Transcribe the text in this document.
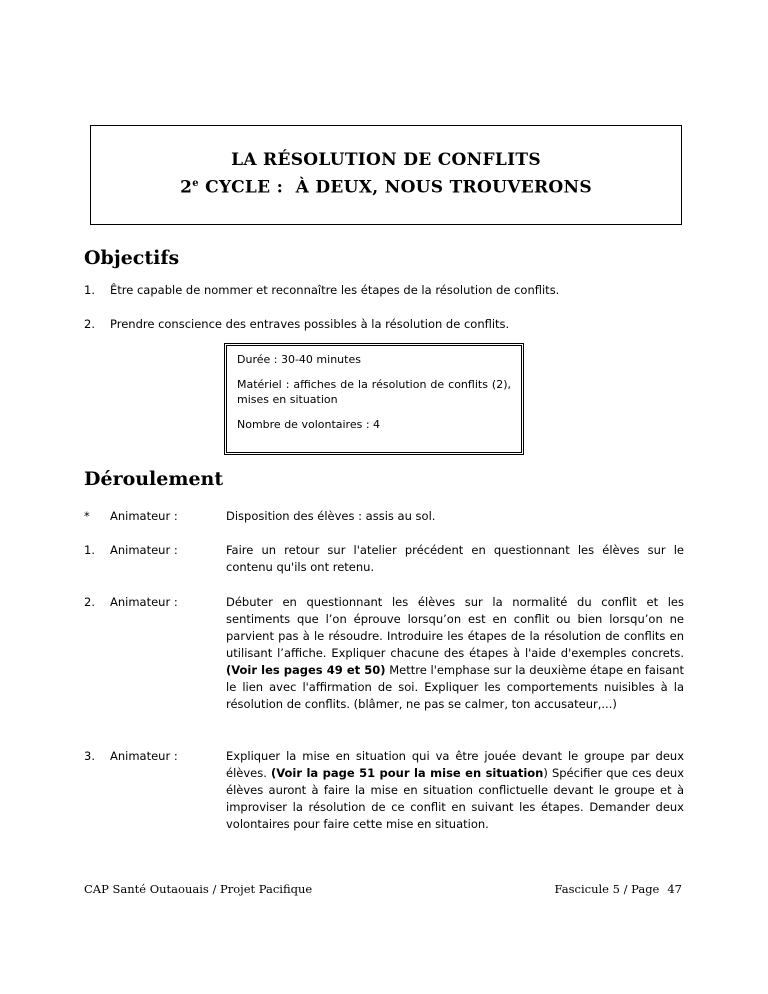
LA RÉSOLUTION DE CONFLITS
2e CYCLE :  À DEUX, NOUS TROUVERONS
Objectifs
1. Être capable de nommer et reconnaître les étapes de la résolution de conflits.
2. Prendre conscience des entraves possibles à la résolution de conflits.

Durée : 30-40 minutes

Matériel : affiches de la résolution de conflits (2), mises en situation

Nombre de volontaires : 4

Déroulement
* Animateur :	Disposition des élèves : assis au sol.
1. Animateur :	Faire un retour sur l'atelier précédent en questionnant les élèves sur le contenu qu'ils ont retenu.
2. Animateur :	Débuter en questionnant les élèves sur la normalité du conflit et les sentiments que l’on éprouve lorsqu’on est en conflit ou bien lorsqu’on ne parvient pas à le résoudre. Introduire les étapes de la résolution de conflits en utilisant l’affiche. Expliquer chacune des étapes à l'aide d'exemples concrets. (Voir les pages 49 et 50) Mettre l'emphase sur la deuxième étape en faisant le lien avec l'affirmation de soi. Expliquer les comportements nuisibles à la résolution de conflits. (blâmer, ne pas se calmer, ton accusateur,...)
3. Animateur :	Expliquer la mise en situation qui va être jouée devant le groupe par deux élèves. (Voir la page 51 pour la mise en situation) Spécifier que ces deux élèves auront à faire la mise en situation conflictuelle devant le groupe et à improviser la résolution de ce conflit en suivant les étapes. Demander deux volontaires pour faire cette mise en situation.
CAP Santé Outaouais / Projet Pacifique	Fascicule 5 / Page 47
